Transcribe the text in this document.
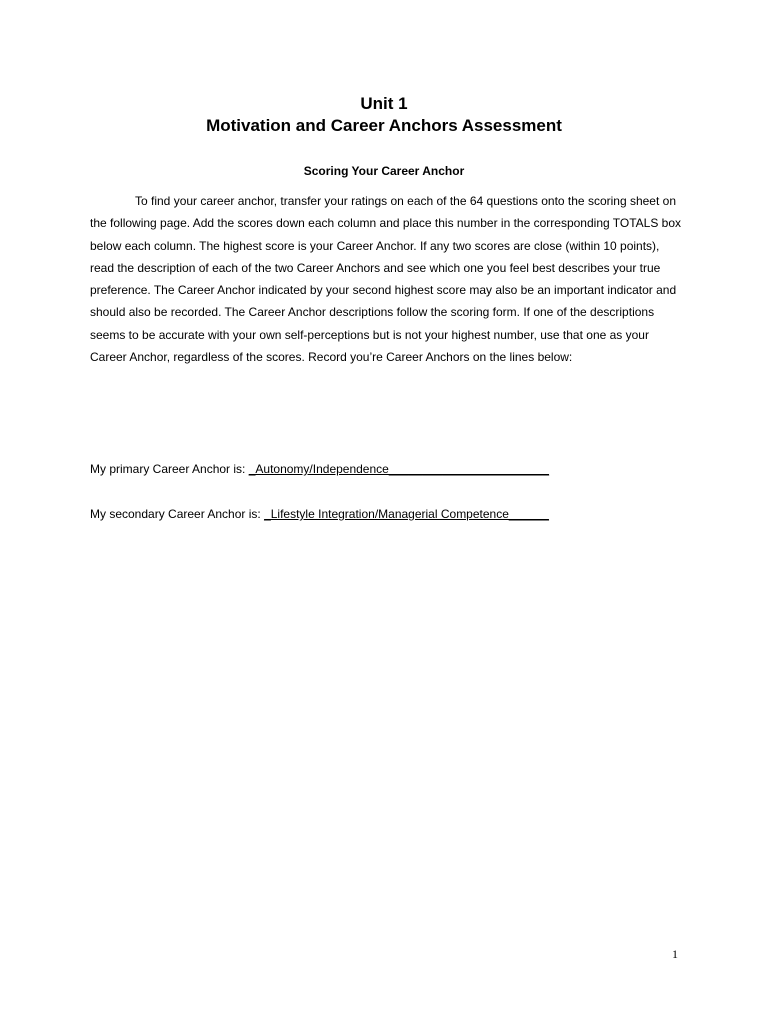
Unit 1

Motivation and Career Anchors Assessment

Scoring Your Career Anchor

To find your career anchor, transfer your ratings on each of the 64 questions onto the scoring sheet on the following page. Add the scores down each column and place this number in the corresponding TOTALS box below each column. The highest score is your Career Anchor. If any two scores are close (within 10 points), read the description of each of the two Career Anchors and see which one you feel best describes your true preference. The Career Anchor indicated by your second highest score may also be an important indicator and should also be recorded. The Career Anchor descriptions follow the scoring form. If one of the descriptions seems to be accurate with your own self-perceptions but is not your highest number, use that one as your Career Anchor, regardless of the scores. Record you’re Career Anchors on the lines below:

My primary Career Anchor is: _Autonomy/Independence________________________

My secondary Career Anchor is: _Lifestyle Integration/Managerial Competence______

1
